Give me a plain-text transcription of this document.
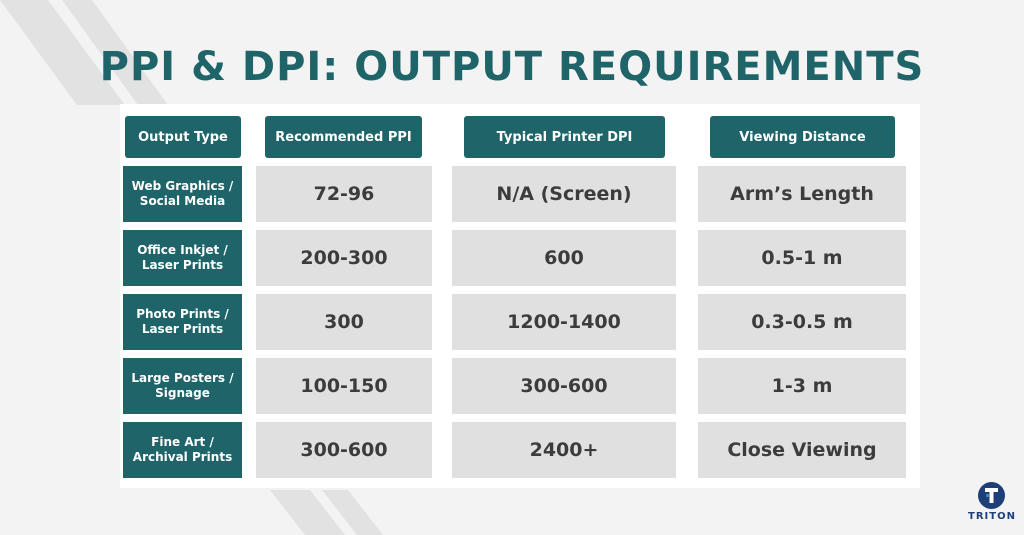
PPI & DPI: OUTPUT REQUIREMENTS
Output Type	Recommended PPI	Typical Printer DPI	Viewing Distance
Web Graphics /
Social Media	72-96	N/A (Screen)	Arm’s Length
Office Inkjet /
Laser Prints	200-300	600	0.5-1 m
Photo Prints /
Laser Prints	300	1200-1400	0.3-0.5 m
Large Posters /
Signage	100-150	300-600	1-3 m
Fine Art /
Archival Prints	300-600	2400+	Close Viewing
TRITON
